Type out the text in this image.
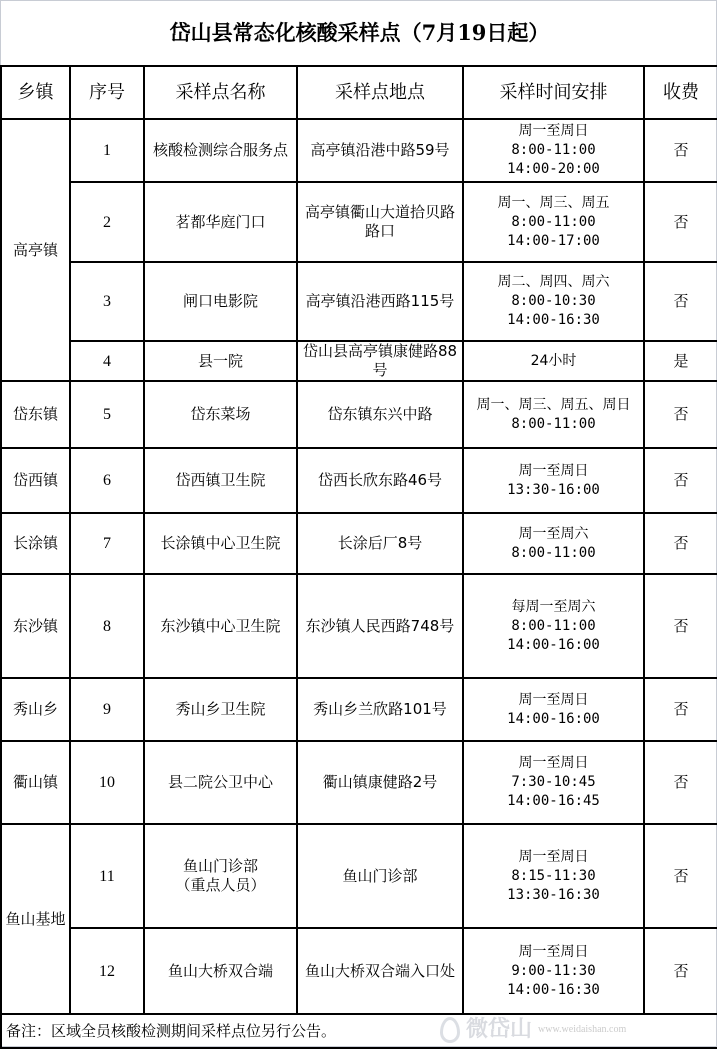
岱山县常态化核酸采样点（7月19日起）					
乡镇	序号	采样点名称	采样点地点	采样时间安排	收费
高亭镇	1	核酸检测综合服务点	高亭镇沿港中路59号	周一至周日
8:00-11:00
14:00-20:00	否
	2	茗都华庭门口	高亭镇衢山大道拾贝路
路口	周一、周三、周五
8:00-11:00
14:00-17:00	否
	3	闸口电影院	高亭镇沿港西路115号	周二、周四、周六
8:00-10:30
14:00-16:30	否
	4	县一院	岱山县高亭镇康健路88
号	24小时	是
岱东镇	5	岱东菜场	岱东镇东兴中路	周一、周三、周五、周日
8:00-11:00	否
岱西镇	6	岱西镇卫生院	岱西长欣东路46号	周一至周日
13:30-16:00	否
长涂镇	7	长涂镇中心卫生院	长涂后厂8号	周一至周六
8:00-11:00	否
东沙镇	8	东沙镇中心卫生院	东沙镇人民西路748号	每周一至周六
8:00-11:00
14:00-16:00	否
秀山乡	9	秀山乡卫生院	秀山乡兰欣路101号	周一至周日
14:00-16:00	否
衢山镇	10	县二院公卫中心	衢山镇康健路2号	周一至周日
7:30-10:45
14:00-16:45	否
鱼山基地	11	鱼山门诊部
（重点人员）	鱼山门诊部	周一至周日
8:15-11:30
13:30-16:30	否
	12	鱼山大桥双合端	鱼山大桥双合端入口处	周一至周日
9:00-11:30
14:00-16:30	否
备注：区域全员核酸检测期间采样点位另行公告。						微岱山 www.weidaishan.com
